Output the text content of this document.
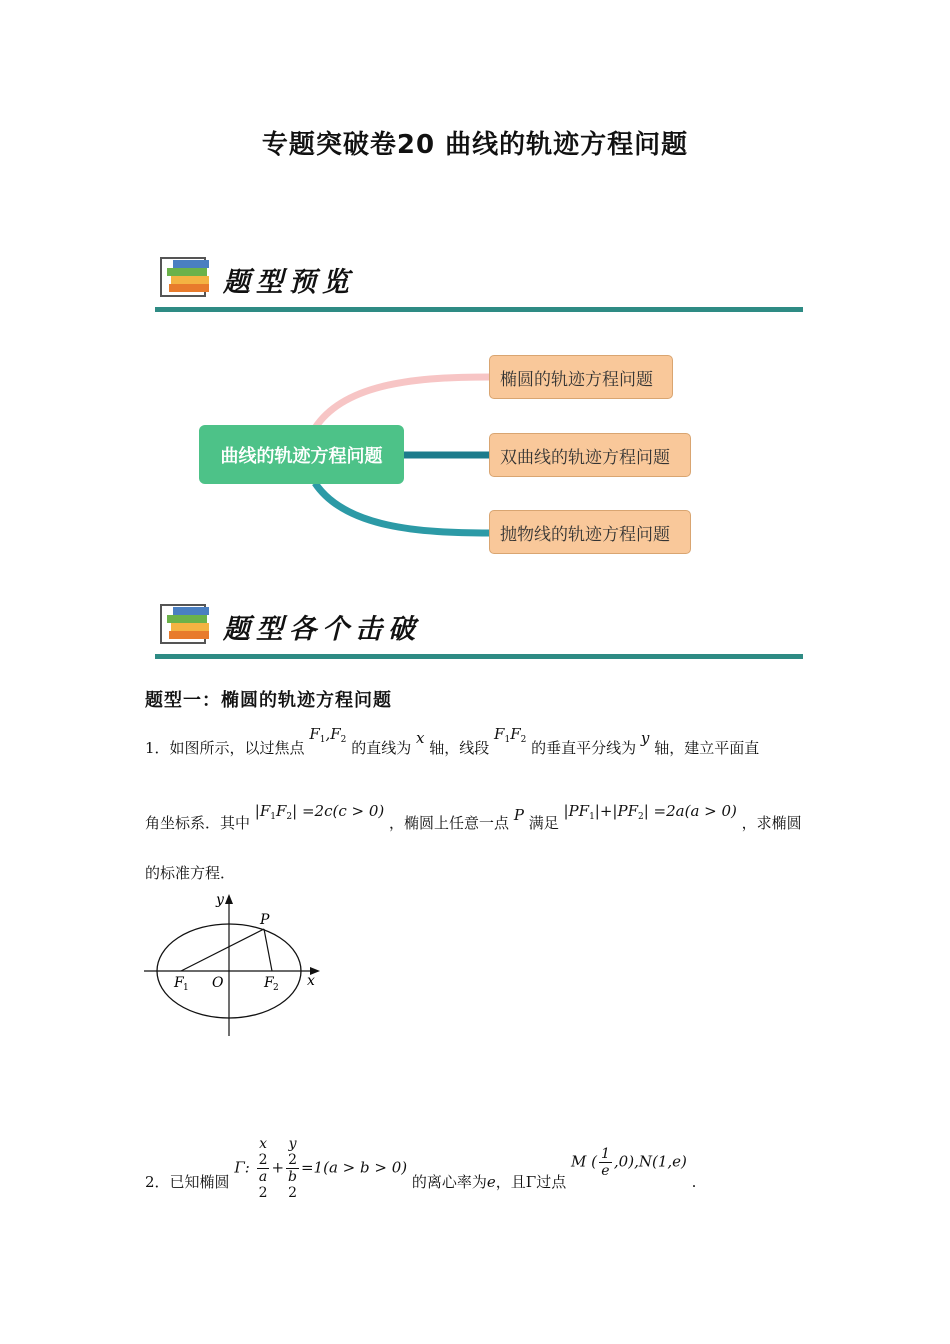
专题突破卷20 曲线的轨迹方程问题
题型预览
曲线的轨迹方程问题
椭圆的轨迹方程问题
双曲线的轨迹方程问题
抛物线的轨迹方程问题
题型各个击破
题型一：椭圆的轨迹方程问题
1．如图所示，以过焦点 $F_1,F_2$ 的直线为 x 轴，线段 $F_1F_2$ 的垂直平分线为 y 轴，建立平面直
角坐标系．其中 $|F_1F_2| =2c(c > 0)$ ，椭圆上任意一点 P 满足 $|PF_1|+|PF_2| =2a(a > 0)$ ，求椭圆
的标准方程．
y
x
P
O
F 1	F 2
2．已知椭圆 Γ: x
2
a
2 + y
2
b
2 =1(a > b > 0) 的离心率为e，且Γ过点 M ( $\frac{1}{e} ,0),N(1,e)$ .
